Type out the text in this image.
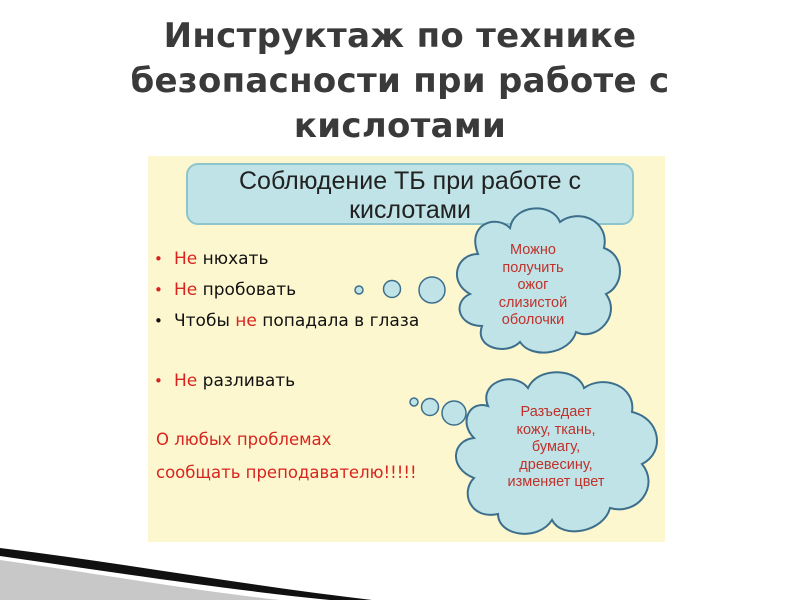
Инструктаж по технике безопасности при работе с кислотами
Соблюдение ТБ при работе с кислотами
• Не нюхать
• Не пробовать
• Чтобы не попадала в глаза
• Не разливать
О любых проблемах
сообщать преподавателю!!!!!
Можно
получить
ожог
слизистой
оболочки
Разъедает
кожу, ткань,
бумагу,
древесину,
изменяет цвет
